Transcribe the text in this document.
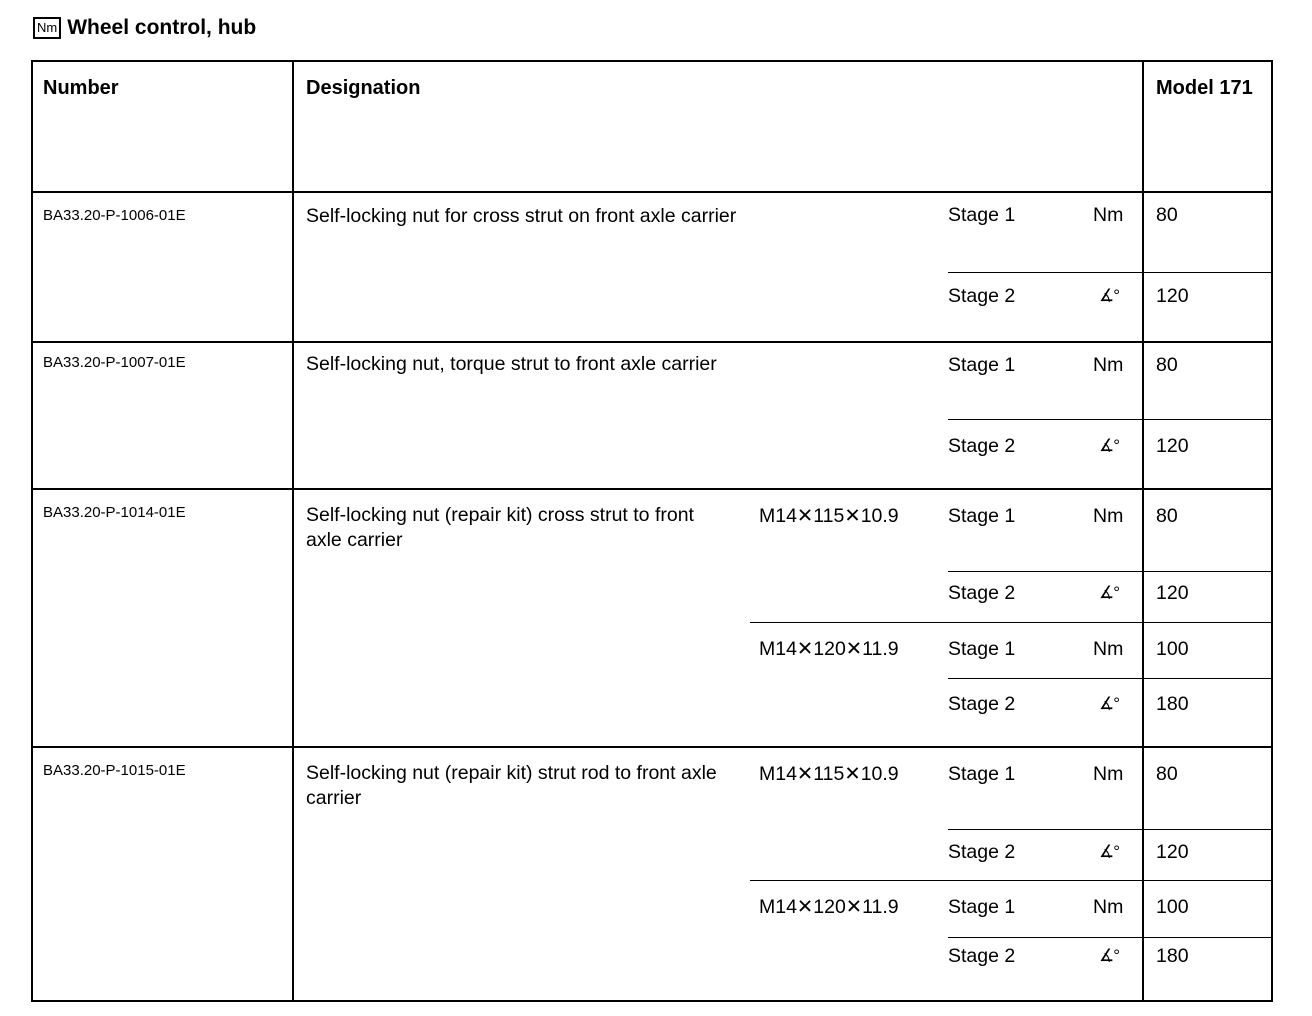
Nm Wheel control, hub
Number	Designation	Model 171
BA33.20-P-1006-01E	Self-locking nut for cross strut on front axle carrier	Stage 1	Nm 80
Stage 2	∡° 120
BA33.20-P-1007-01E	Self-locking nut, torque strut to front axle carrier	Stage 1	Nm 80
Stage 2	∡° 120
BA33.20-P-1014-01E	Self-locking nut (repair kit) cross strut to front axle carrier
M14✕115✕10.9	Stage 1	Nm 80
Stage 2	∡° 120
M14✕120✕11.9	Stage 1	Nm 100
Stage 2	∡° 180
BA33.20-P-1015-01E	Self-locking nut (repair kit) strut rod to front axle carrier
M14✕115✕10.9	Stage 1	Nm 80
Stage 2	∡° 120
M14✕120✕11.9	Stage 1	Nm 100
Stage 2	∡° 180
